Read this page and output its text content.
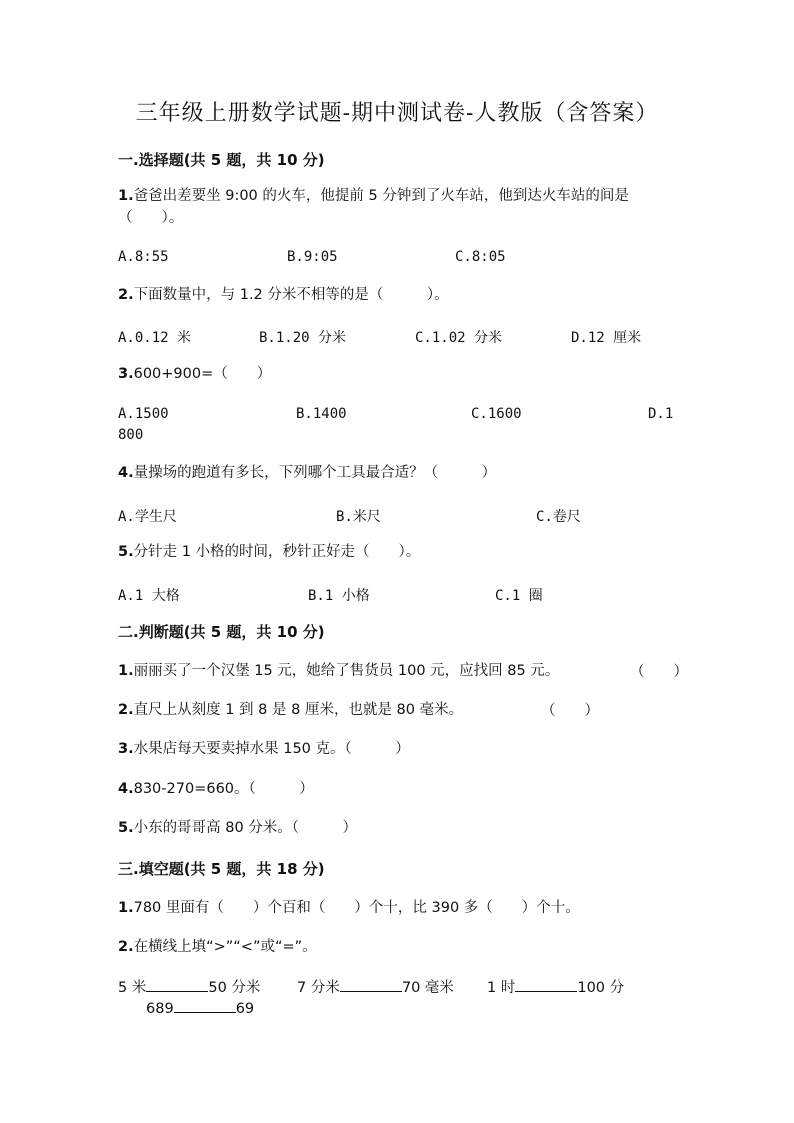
三年级上册数学试题-期中测试卷-人教版（含答案）
一.选择题(共 5 题，共 10 分)
1.爸爸出差要坐 9:00 的火车，他提前 5 分钟到了火车站，他到达火车站的间是
（　　）。
A.8:55	B.9:05	C.8:05
2.下面数量中，与 1.2 分米不相等的是（　　　）。
A.0.12 米	B.1.20 分米	C.1.02 分米	D.12 厘米
3.600+900=（　　）
A.1500	B.1400	C.1600	D.1
800
4.量操场的跑道有多长，下列哪个工具最合适？（　　　）
A.学生尺	B.米尺	C.卷尺
5.分针走 1 小格的时间，秒针正好走（　　）。
A.1 大格	B.1 小格	C.1 圈
二.判断题(共 5 题，共 10 分)
1.丽丽买了一个汉堡 15 元，她给了售货员 100 元，应找回 85 元。	（　　）
2.直尺上从刻度 1 到 8 是 8 厘米，也就是 80 毫米。	（　　）
3.水果店每天要卖掉水果 150 克。（　　　）
4.830-270=660。（　　　）
5.小东的哥哥高 80 分米。（　　　）
三.填空题(共 5 题，共 18 分)
1.780 里面有（　　）个百和（　　）个十，比 390 多（　　）个十。
2.在横线上填“>”“<”或“=”。
5 米	50 分米	7 分米	70 毫米 1 时	100 分
689	69
